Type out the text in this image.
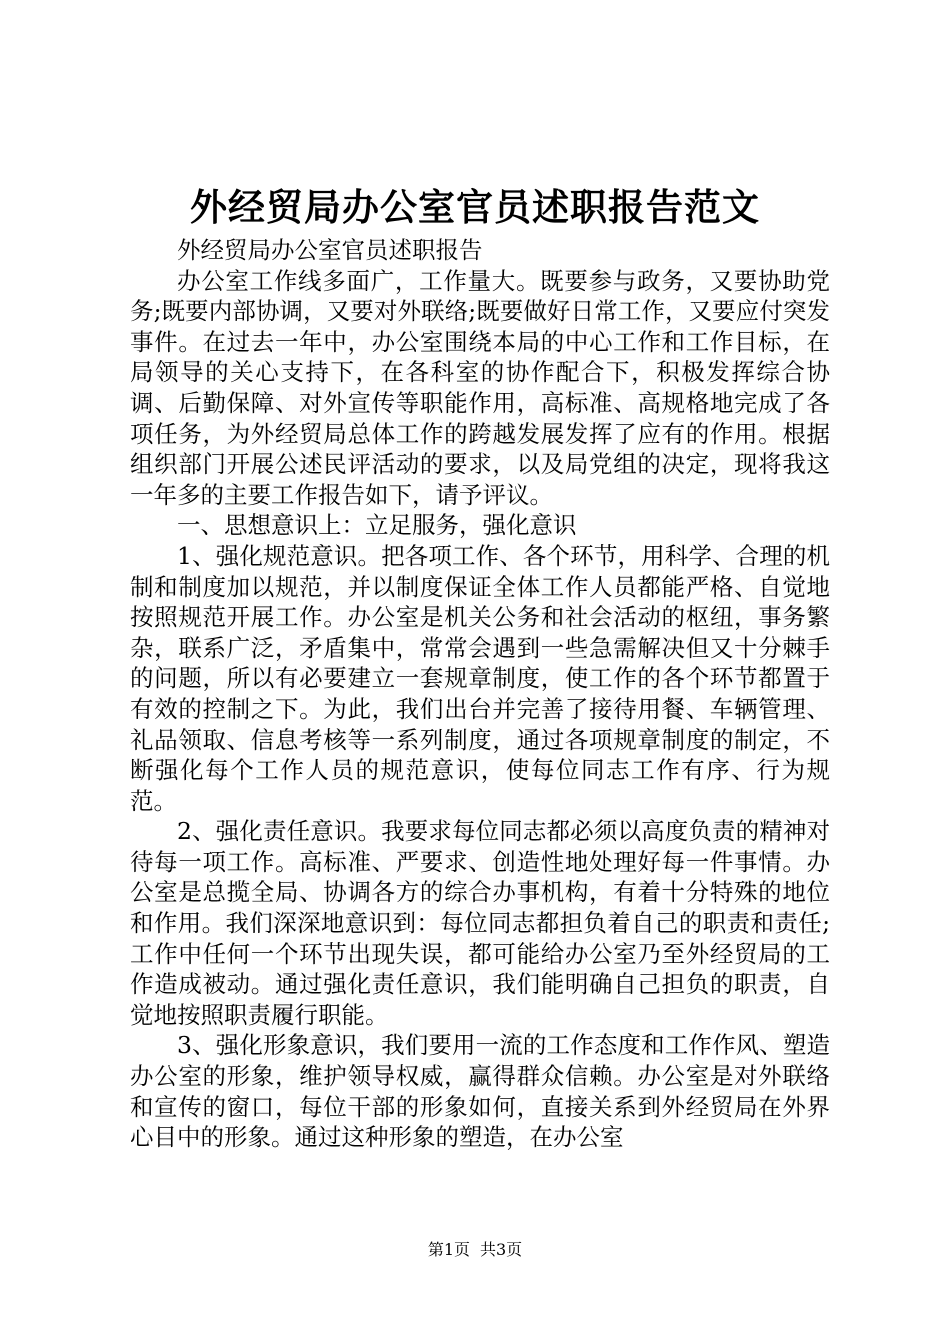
外经贸局办公室官员述职报告范文

外经贸局办公室官员述职报告

办公室工作线多面广，工作量大。既要参与政务，又要协助党务;既要内部协调，又要对外联络;既要做好日常工作，又要应付突发事件。在过去一年中，办公室围绕本局的中心工作和工作目标，在局领导的关心支持下，在各科室的协作配合下，积极发挥综合协调、后勤保障、对外宣传等职能作用，高标准、高规格地完成了各项任务，为外经贸局总体工作的跨越发展发挥了应有的作用。根据组织部门开展公述民评活动的要求，以及局党组的决定，现将我这一年多的主要工作报告如下，请予评议。

一、思想意识上：立足服务，强化意识

1、强化规范意识。把各项工作、各个环节，用科学、合理的机制和制度加以规范，并以制度保证全体工作人员都能严格、自觉地按照规范开展工作。办公室是机关公务和社会活动的枢纽，事务繁杂，联系广泛，矛盾集中，常常会遇到一些急需解决但又十分棘手的问题，所以有必要建立一套规章制度，使工作的各个环节都置于有效的控制之下。为此，我们出台并完善了接待用餐、车辆管理、礼品领取、信息考核等一系列制度，通过各项规章制度的制定，不断强化每个工作人员的规范意识，使每位同志工作有序、行为规范。

2、强化责任意识。我要求每位同志都必须以高度负责的精神对待每一项工作。高标准、严要求、创造性地处理好每一件事情。办公室是总揽全局、协调各方的综合办事机构，有着十分特殊的地位和作用。我们深深地意识到：每位同志都担负着自己的职责和责任;工作中任何一个环节出现失误，都可能给办公室乃至外经贸局的工作造成被动。通过强化责任意识，我们能明确自己担负的职责，自觉地按照职责履行职能。

3、强化形象意识，我们要用一流的工作态度和工作作风、塑造办公室的形象，维护领导权威，赢得群众信赖。办公室是对外联络和宣传的窗口，每位干部的形象如何，直接关系到外经贸局在外界心目中的形象。通过这种形象的塑造，在办公室

第1页 共3页
